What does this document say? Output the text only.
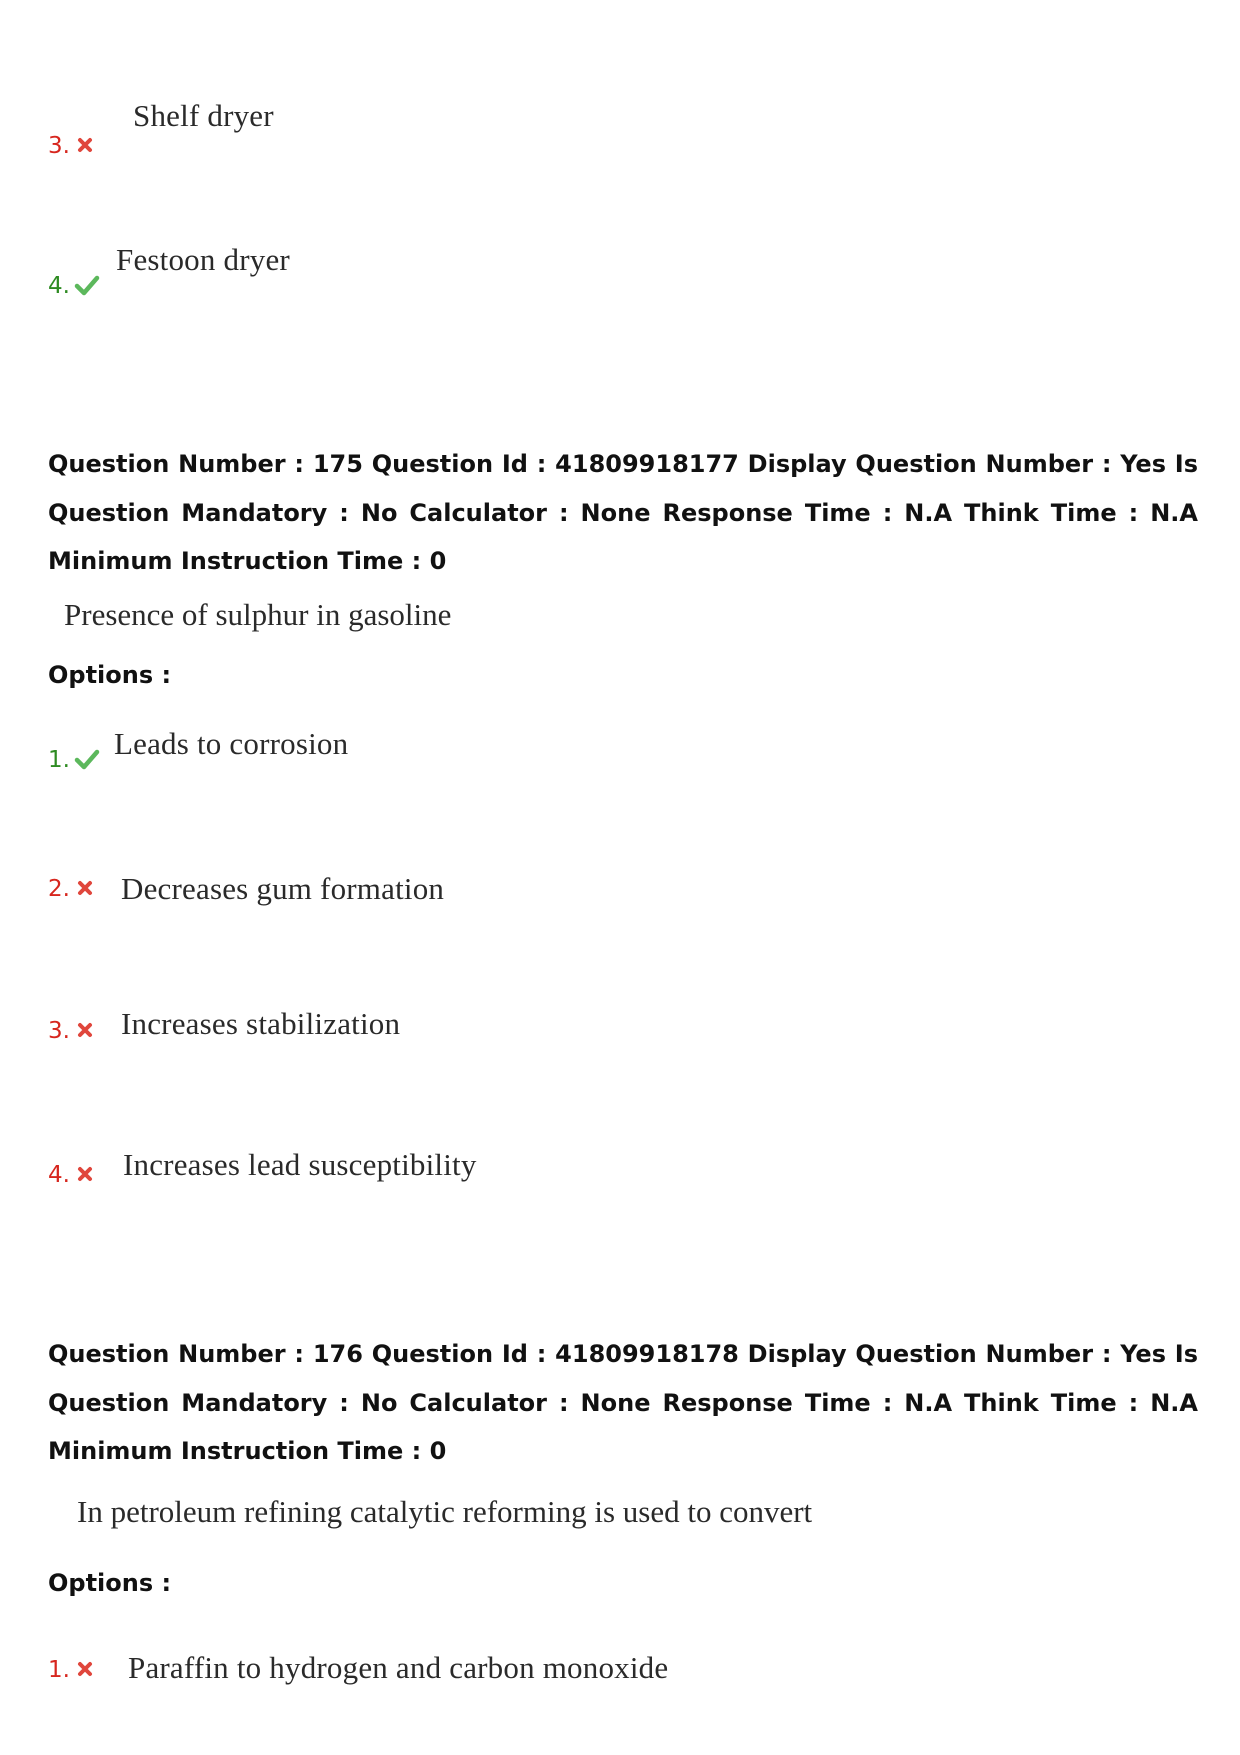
3.
Shelf dryer
4.
Festoon dryer
Question Number : 175 Question Id : 41809918177 Display Question Number : Yes Is Question Mandatory : No Calculator : None Response Time : N.A Think Time : N.A Minimum Instruction Time : 0
Presence of sulphur in gasoline
Options :
1. Leads to corrosion
2. Decreases gum formation
3. Increases stabilization
4. Increases lead susceptibility
Question Number : 176 Question Id : 41809918178 Display Question Number : Yes Is Question Mandatory : No Calculator : None Response Time : N.A Think Time : N.A Minimum Instruction Time : 0
In petroleum refining catalytic reforming is used to convert
Options :
1. Paraffin to hydrogen and carbon monoxide
